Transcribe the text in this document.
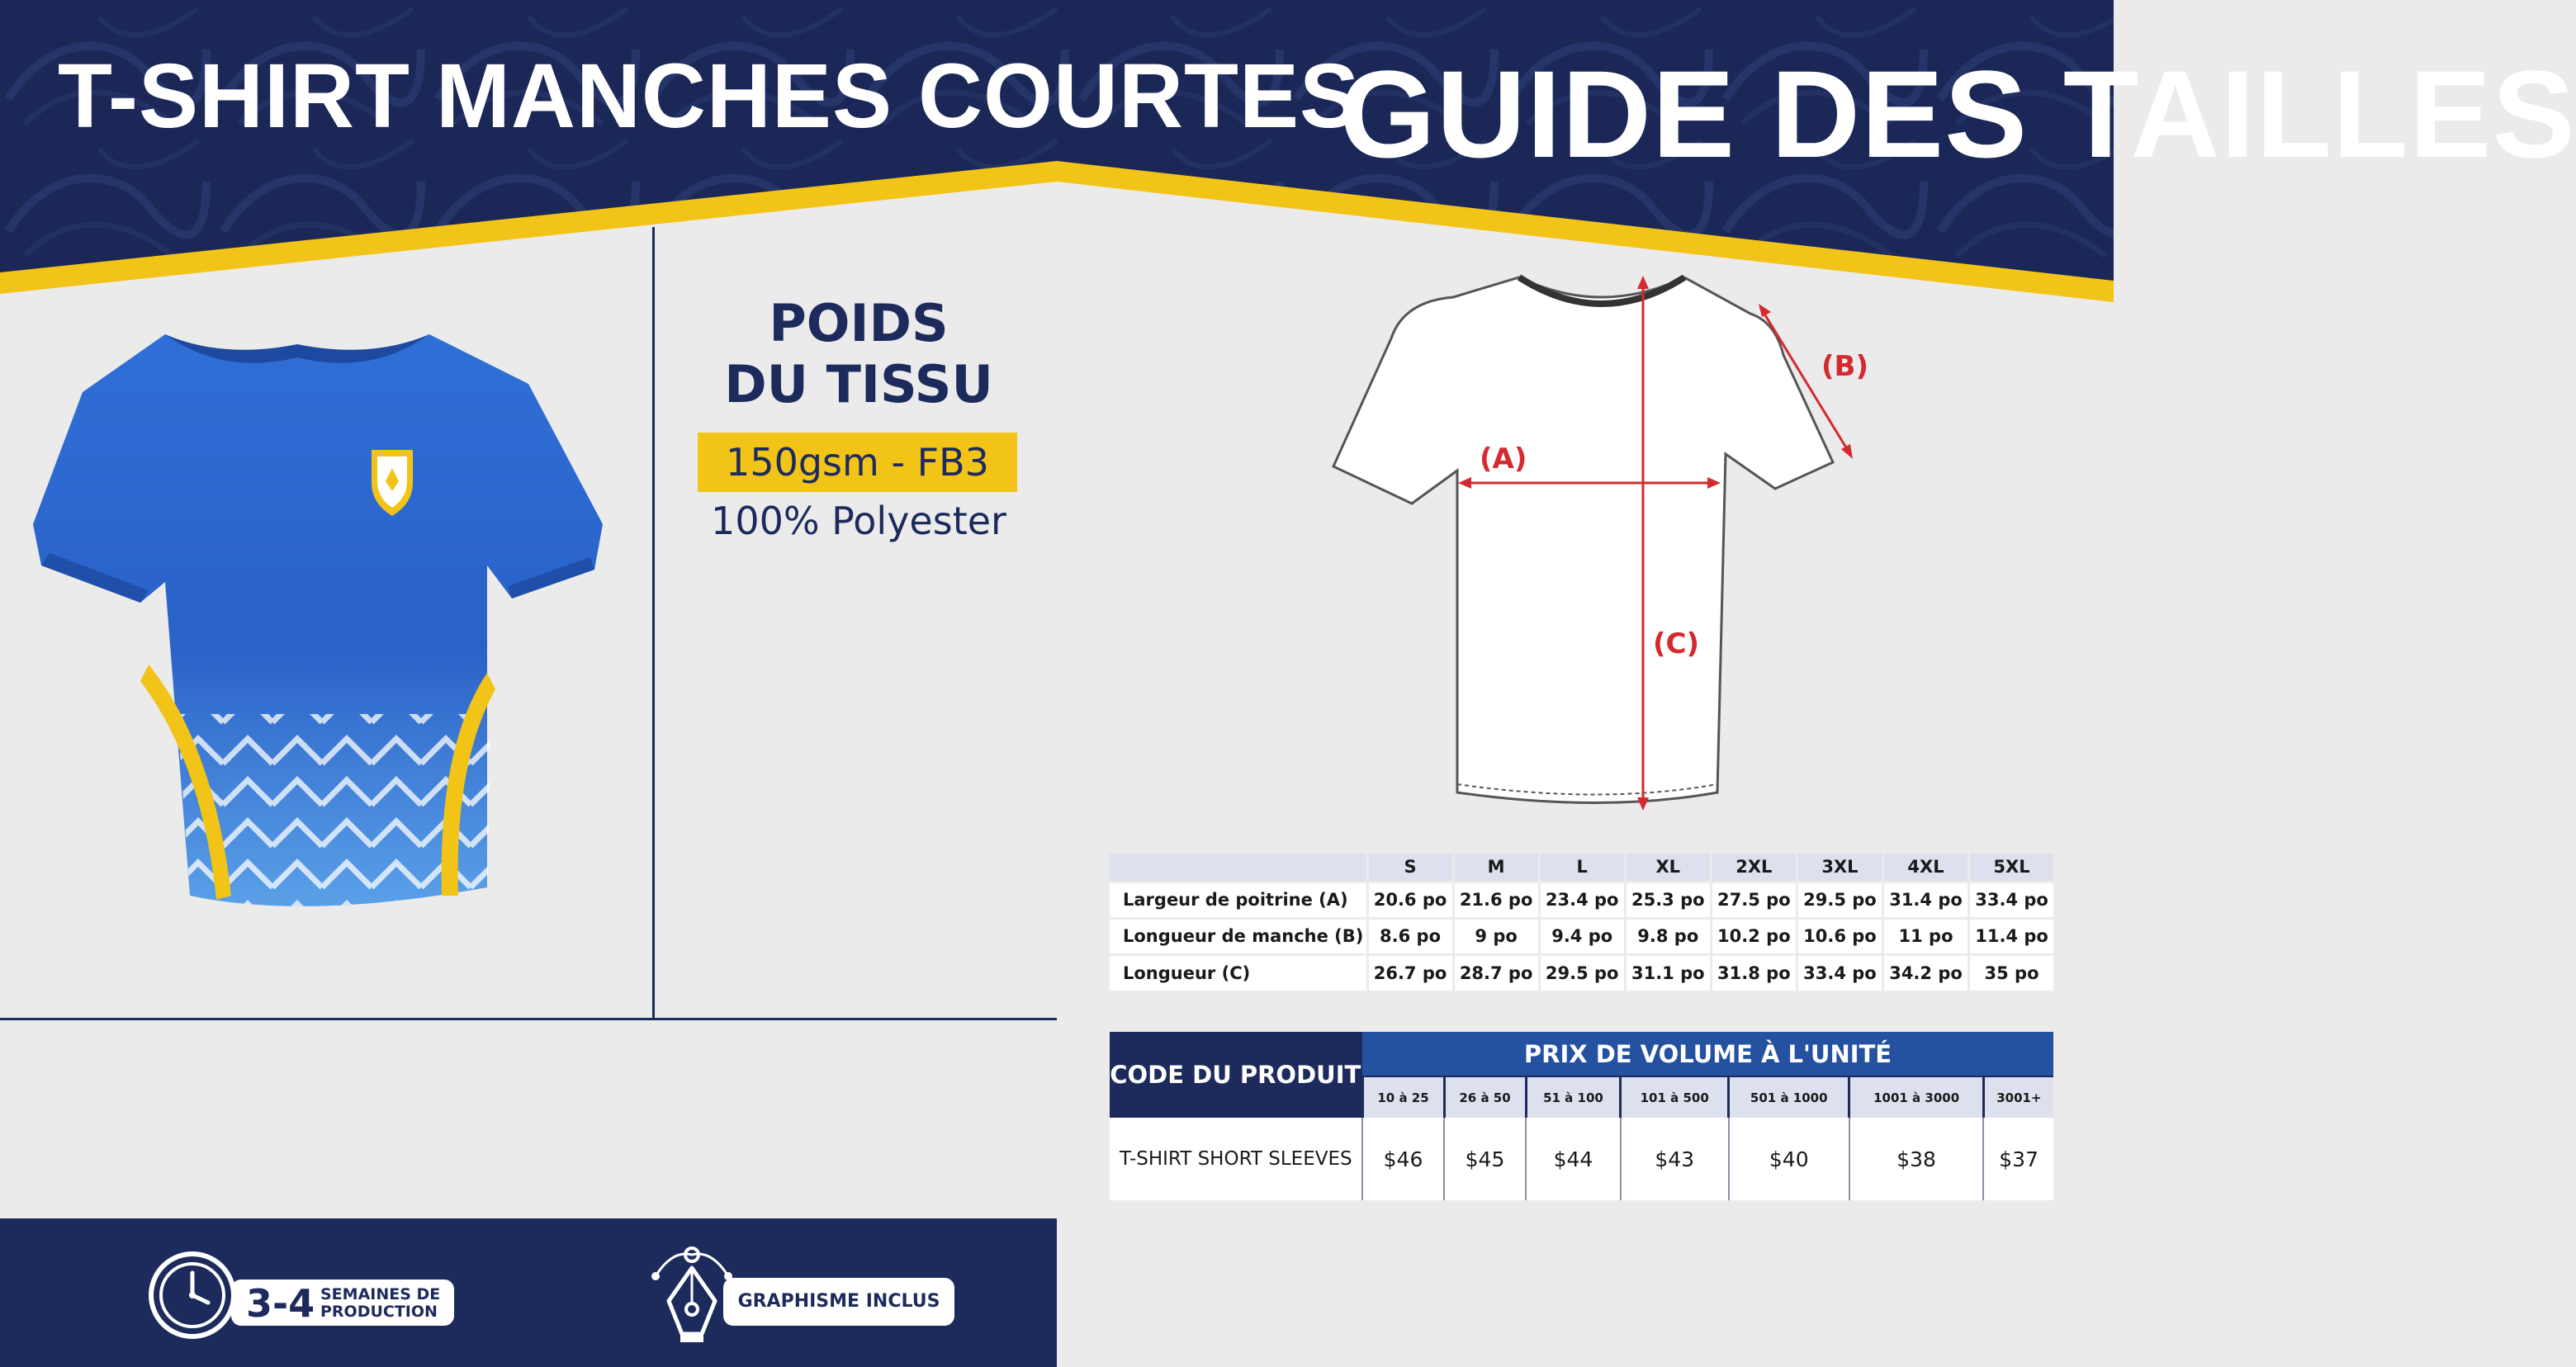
T-SHIRT MANCHES COURTES
GUIDE DES TAILLES
POIDS
DU TISSU
150gsm - FB3
100% Polyester
(A)
(B)
(C)
	S	M	L	XL	2XL	3XL	4XL	5XL
Largeur de poitrine (A)	20.6 po	21.6 po	23.4 po	25.3 po	27.5 po	29.5 po	31.4 po	33.4 po
Longueur de manche (B)	8.6 po	9 po	9.4 po	9.8 po	10.2 po	10.6 po	11 po	11.4 po
Longueur (C)	26.7 po	28.7 po	29.5 po	31.1 po	31.8 po	33.4 po	34.2 po	35 po
CODE DU PRODUIT	PRIX DE VOLUME À L'UNITÉ						
	10 à 25	26 à 50	51 à 100	101 à 500	501 à 1000	1001 à 3000	3001+
T-SHIRT SHORT SLEEVES	$46	$45	$44	$43	$40	$38	$37
3-4 SEMAINES DE
PRODUCTION	GRAPHISME INCLUS
